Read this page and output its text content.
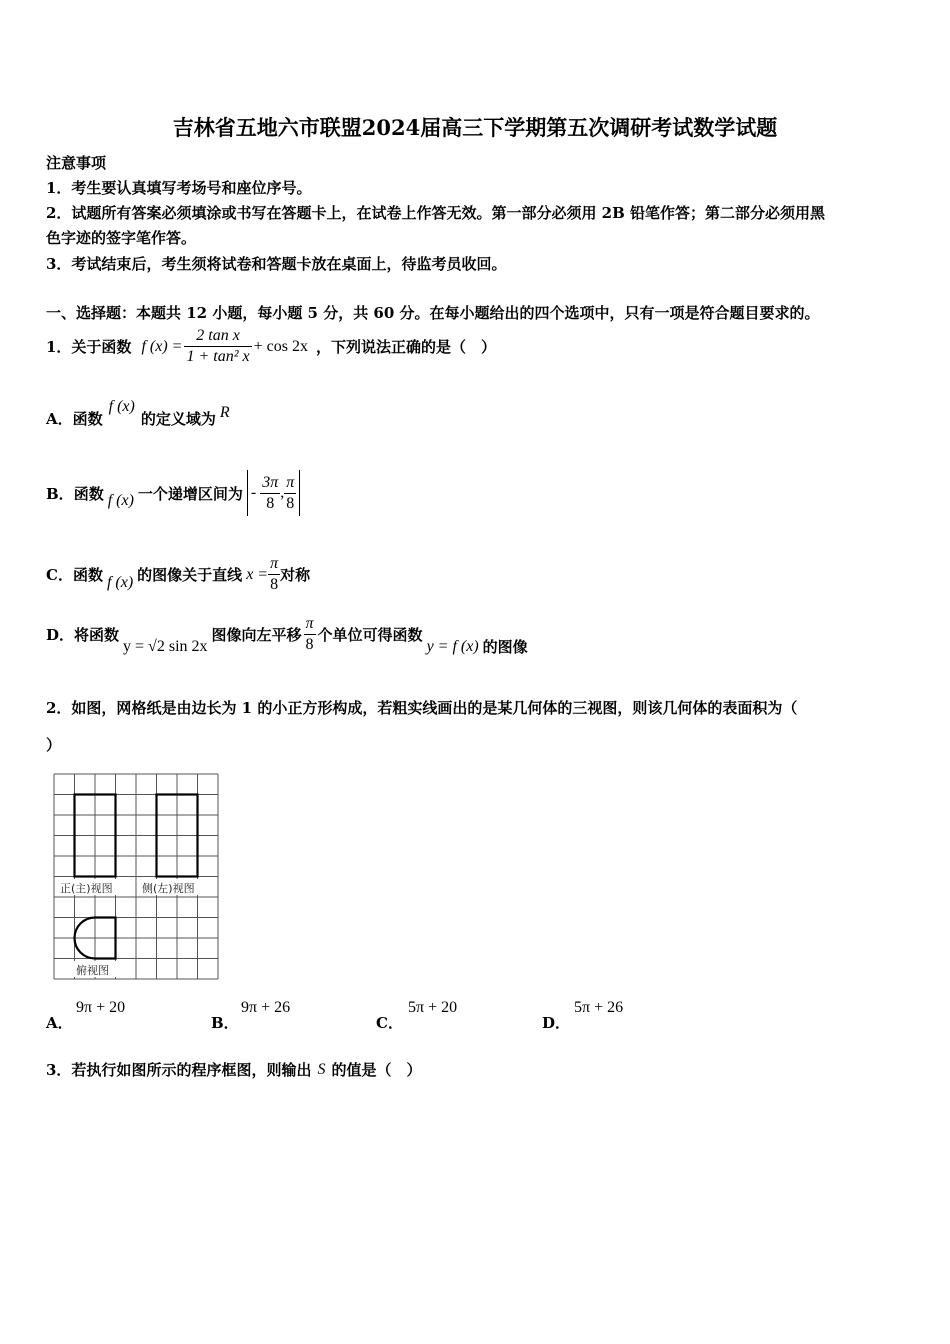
吉林省五地六市联盟2024届高三下学期第五次调研考试数学试题
注意事项
1．考生要认真填写考场号和座位序号。
2．试题所有答案必须填涂或书写在答题卡上，在试卷上作答无效。第一部分必须用 2B 铅笔作答；第二部分必须用黑
色字迹的签字笔作答。
3．考试结束后，考生须将试卷和答题卡放在桌面上，待监考员收回。
一、选择题：本题共 12 小题，每小题 5 分，共 60 分。在每小题给出的四个选项中，只有一项是符合题目要求的。
1．关于函数 f $(x) = \frac{\text{2 tan x}}{\text{1 + tan² x}} + \cos 2x$ ，下列说法正确的是（　）
A． 函数
f (x)
的定义域为 R
B． 函数 f (x) 一个递增区间为 - $\frac{3\pi}{8}$ , $\frac{\pi}{8}$
C． 函数 f (x) 的图像关于直线 $x = \frac{\pi}{8}$ 对称
D． 将函数
y = √2 sin 2x
图像向左平移 $\frac{\pi}{8}$ 个单位可得函数
y = f (x) 的图像
2．如图，网格纸是由边长为 1 的小正方形构成，若粗实线画出的是某几何体的三视图，则该几何体的表面积为（
）
正(主)视图	侧(左)视图
俯视图
A．
9π + 20
B．
9π + 26
C．
5π + 20
D．
5π + 26
3．若执行如图所示的程序框图，则输出 S 的值是（　）
